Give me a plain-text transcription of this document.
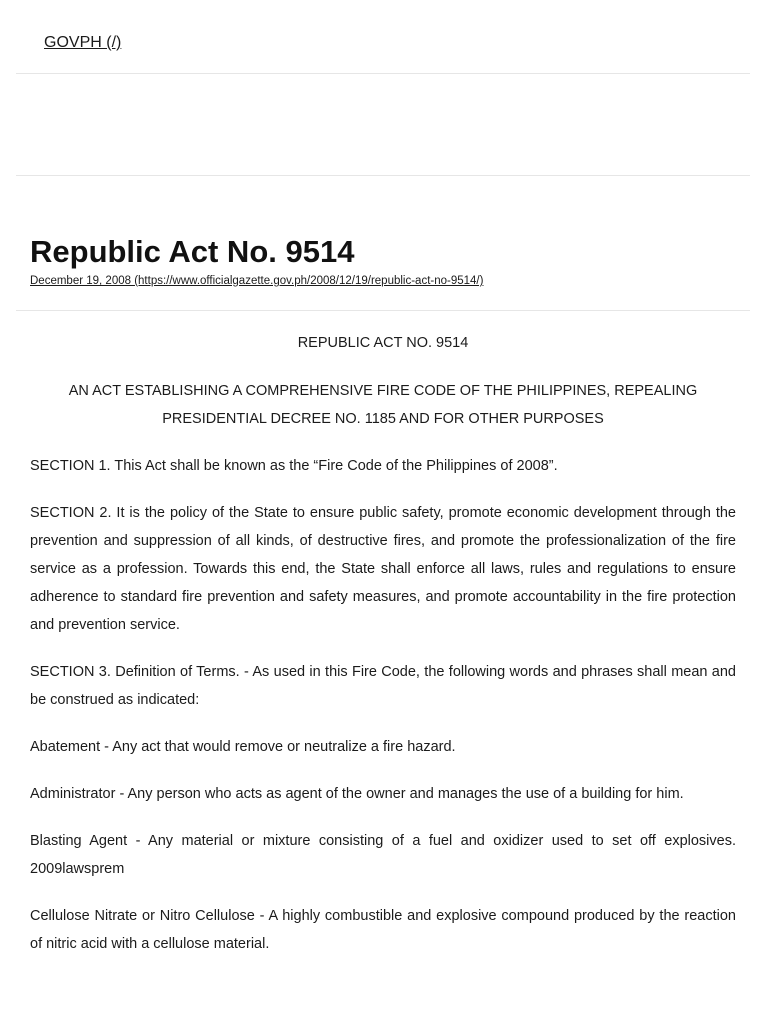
GOVPH (/)
Republic Act No. 9514
December 19, 2008 (https://www.officialgazette.gov.ph/2008/12/19/republic-act-no-9514/)

REPUBLIC ACT NO. 9514

AN ACT ESTABLISHING A COMPREHENSIVE FIRE CODE OF THE PHILIPPINES, REPEALING PRESIDENTIAL DECREE NO. 1185 AND FOR OTHER PURPOSES

SECTION 1. This Act shall be known as the “Fire Code of the Philippines of 2008”.

SECTION 2. It is the policy of the State to ensure public safety, promote economic development through the prevention and suppression of all kinds, of destructive fires, and promote the professionalization of the fire service as a profession. Towards this end, the State shall enforce all laws, rules and regulations to ensure adherence to standard fire prevention and safety measures, and promote accountability in the fire protection and prevention service.

SECTION 3. Definition of Terms. - As used in this Fire Code, the following words and phrases shall mean and be construed as indicated:

Abatement - Any act that would remove or neutralize a fire hazard.

Administrator - Any person who acts as agent of the owner and manages the use of a building for him.

Blasting Agent - Any material or mixture consisting of a fuel and oxidizer used to set off explosives. 2009lawsprem

Cellulose Nitrate or Nitro Cellulose - A highly combustible and explosive compound produced by the reaction of nitric acid with a cellulose material.
